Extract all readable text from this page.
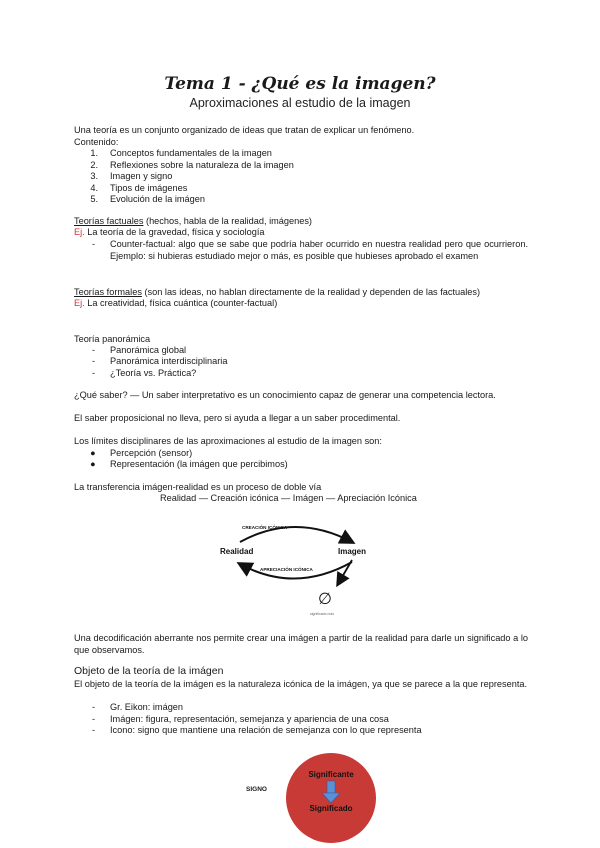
Tema 1 - ¿Qué es la imagen?
Aproximaciones al estudio de la imagen
Una teoría es un conjunto organizado de ideas que tratan de explicar un fenómeno.
Contenido:
1. Conceptos fundamentales de la imagen
2. Reflexiones sobre la naturaleza de la imagen
3. Imagen y signo
4. Tipos de imágenes
5. Evolución de la imágen
Teorías factuales (hechos, habla de la realidad, imágenes)
Ej. La teoría de la gravedad, física y sociología
- Counter-factual: algo que se sabe que podría haber ocurrido en nuestra realidad pero que ocurrieron. Ejemplo: si hubieras estudiado mejor o más, es posible que hubieses aprobado el examen
Teorías formales (son las ideas, no hablan directamente de la realidad y dependen de las factuales)
Ej. La creatividad, física cuántica (counter-factual)
Teoría panorámica
- Panorámica global
- Panorámica interdisciplinaria
- ¿Teoría vs. Práctica?
¿Qué saber? — Un saber interpretativo es un conocimiento capaz de generar una competencia lectora.
El saber proposicional no lleva, pero si ayuda a llegar a un saber procedimental.
Los límites disciplinares de las aproximaciones al estudio de la imagen son:
● Percepción (sensor)
● Representación (la imágen que percibimos)
La transferencia imágen-realidad es un proceso de doble vía
Realidad — Creación icónica — Imágen — Apreciación Icónica
CREACIÓN ICÓNICA
Realidad	Imagen
APRECIACIÓN ICÓNICA
∅
significado nulo
Una decodificación aberrante nos permite crear una imágen a partir de la realidad para darle un significado a lo que observamos.
Objeto de la teoría de la imágen
El objeto de la teoría de la imágen es la naturaleza icónica de la imágen, ya que se parece a la que representa.
- Gr. Eikon: imágen
- Imágen: figura, representación, semejanza y apariencia de una cosa
- Icono: signo que mantiene una relación de semejanza con lo que representa
SIGNO
Significante
Significado
